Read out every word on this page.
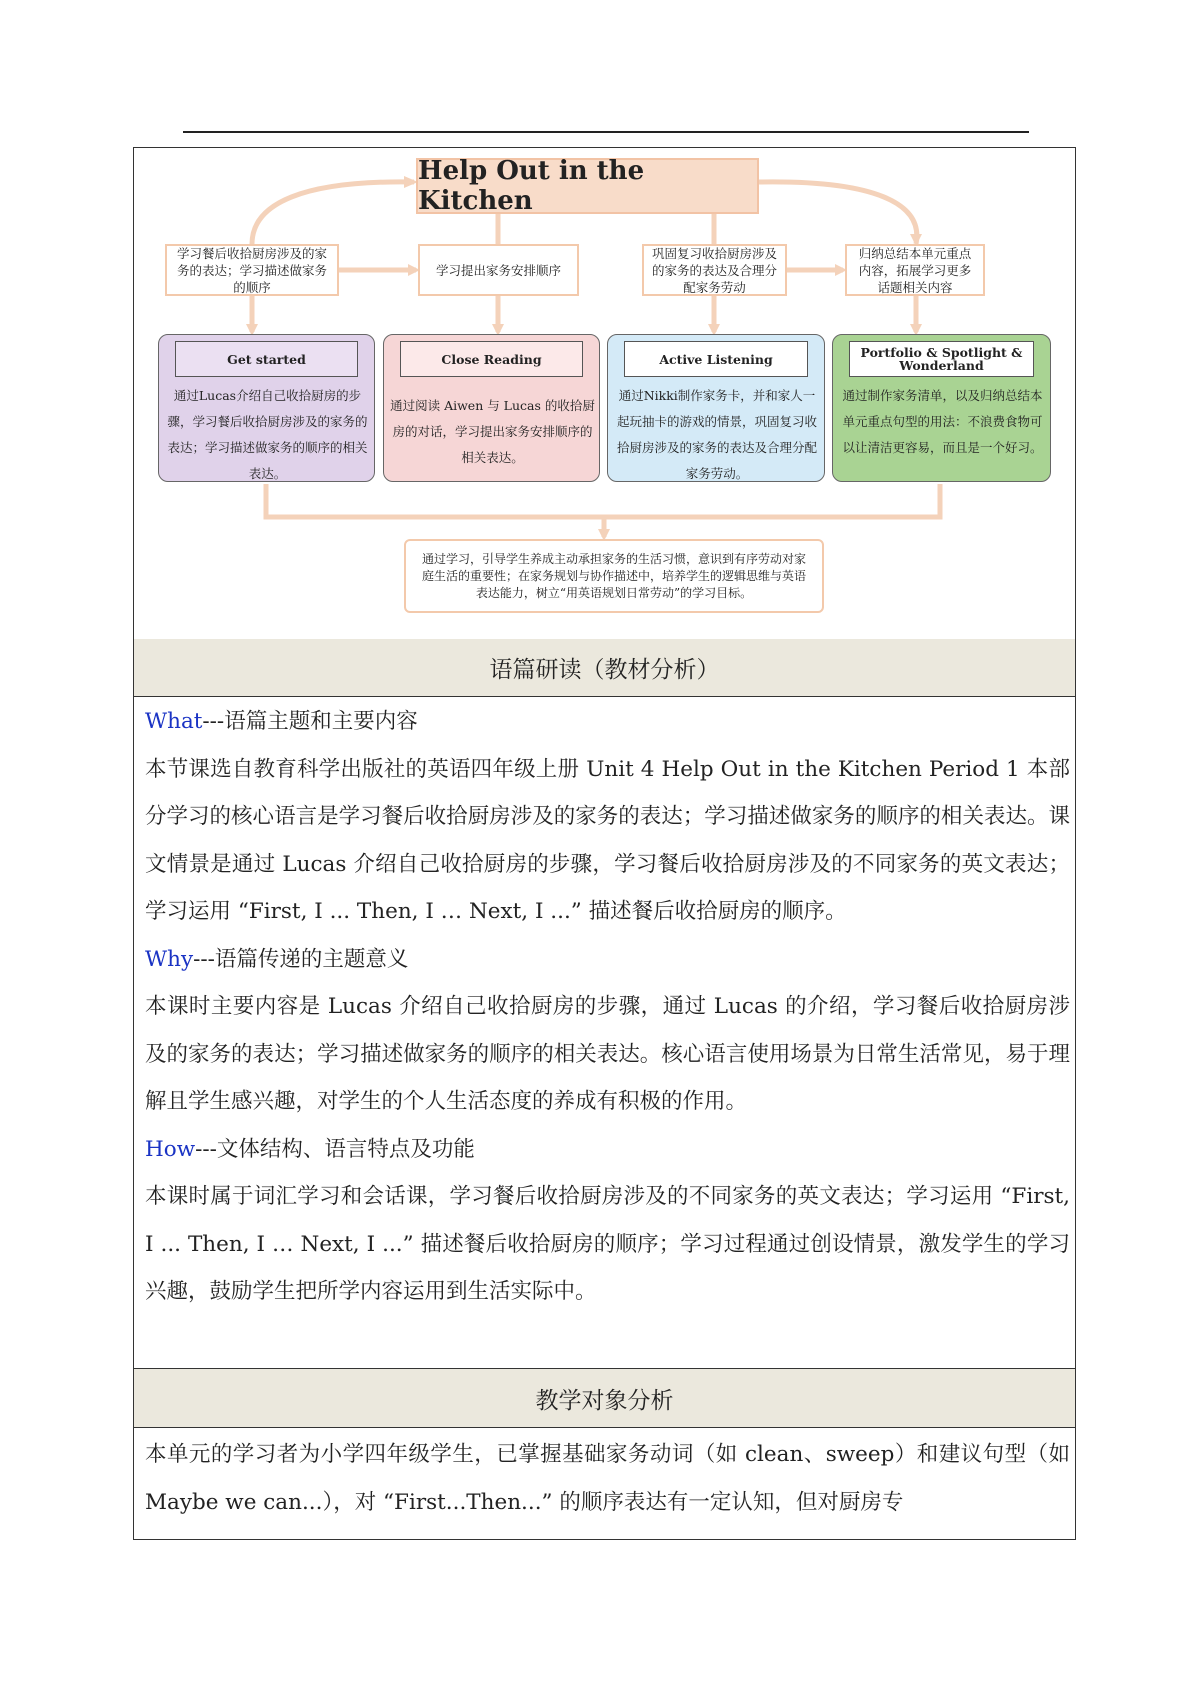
Help Out in the Kitchen
学习餐后收拾厨房涉及的家务的表达；学习描述做家务的顺序
学习提出家务安排顺序
巩固复习收拾厨房涉及的家务的表达及合理分配家务劳动
归纳总结本单元重点内容，拓展学习更多话题相关内容
Get started
通过Lucas介绍自己收拾厨房的步骤，学习餐后收拾厨房涉及的家务的表达；学习描述做家务的顺序的相关表达。
Close Reading
通过阅读 Aiwen 与 Lucas 的收拾厨房的对话，学习提出家务安排顺序的相关表达。
Active Listening
通过Nikki制作家务卡，并和家人一起玩抽卡的游戏的情景，巩固复习收拾厨房涉及的家务的表达及合理分配家务劳动。
Portfolio & Spotlight & Wonderland
通过制作家务清单，以及归纳总结本单元重点句型的用法：不浪费食物可以让清洁更容易，而且是一个好习。
通过学习，引导学生养成主动承担家务的生活习惯，意识到有序劳动对家庭生活的重要性；在家务规划与协作描述中，培养学生的逻辑思维与英语表达能力，树立“用英语规划日常劳动”的学习目标。
语篇研读（教材分析）

What---语篇主题和主要内容

本节课选自教育科学出版社的英语四年级上册 Unit 4 Help Out in the Kitchen Period 1 本部分学习的核心语言是学习餐后收拾厨房涉及的家务的表达；学习描述做家务的顺序的相关表达。课文情景是通过 Lucas 介绍自己收拾厨房的步骤，学习餐后收拾厨房涉及的不同家务的英文表达；学习运用 “First, I ... Then, I … Next, I ...” 描述餐后收拾厨房的顺序。

Why---语篇传递的主题意义

本课时主要内容是 Lucas 介绍自己收拾厨房的步骤，通过 Lucas 的介绍，学习餐后收拾厨房涉及的家务的表达；学习描述做家务的顺序的相关表达。核心语言使用场景为日常生活常见，易于理解且学生感兴趣，对学生的个人生活态度的养成有积极的作用。

How---文体结构、语言特点及功能

本课时属于词汇学习和会话课，学习餐后收拾厨房涉及的不同家务的英文表达；学习运用 “First, I ... Then, I … Next, I ...” 描述餐后收拾厨房的顺序；学习过程通过创设情景，激发学生的学习兴趣，鼓励学生把所学内容运用到生活实际中。

教学对象分析

本单元的学习者为小学四年级学生，已掌握基础家务动词（如 clean、sweep）和建议句型（如 Maybe we can...），对 “First...Then...” 的顺序表达有一定认知，但对厨房专
